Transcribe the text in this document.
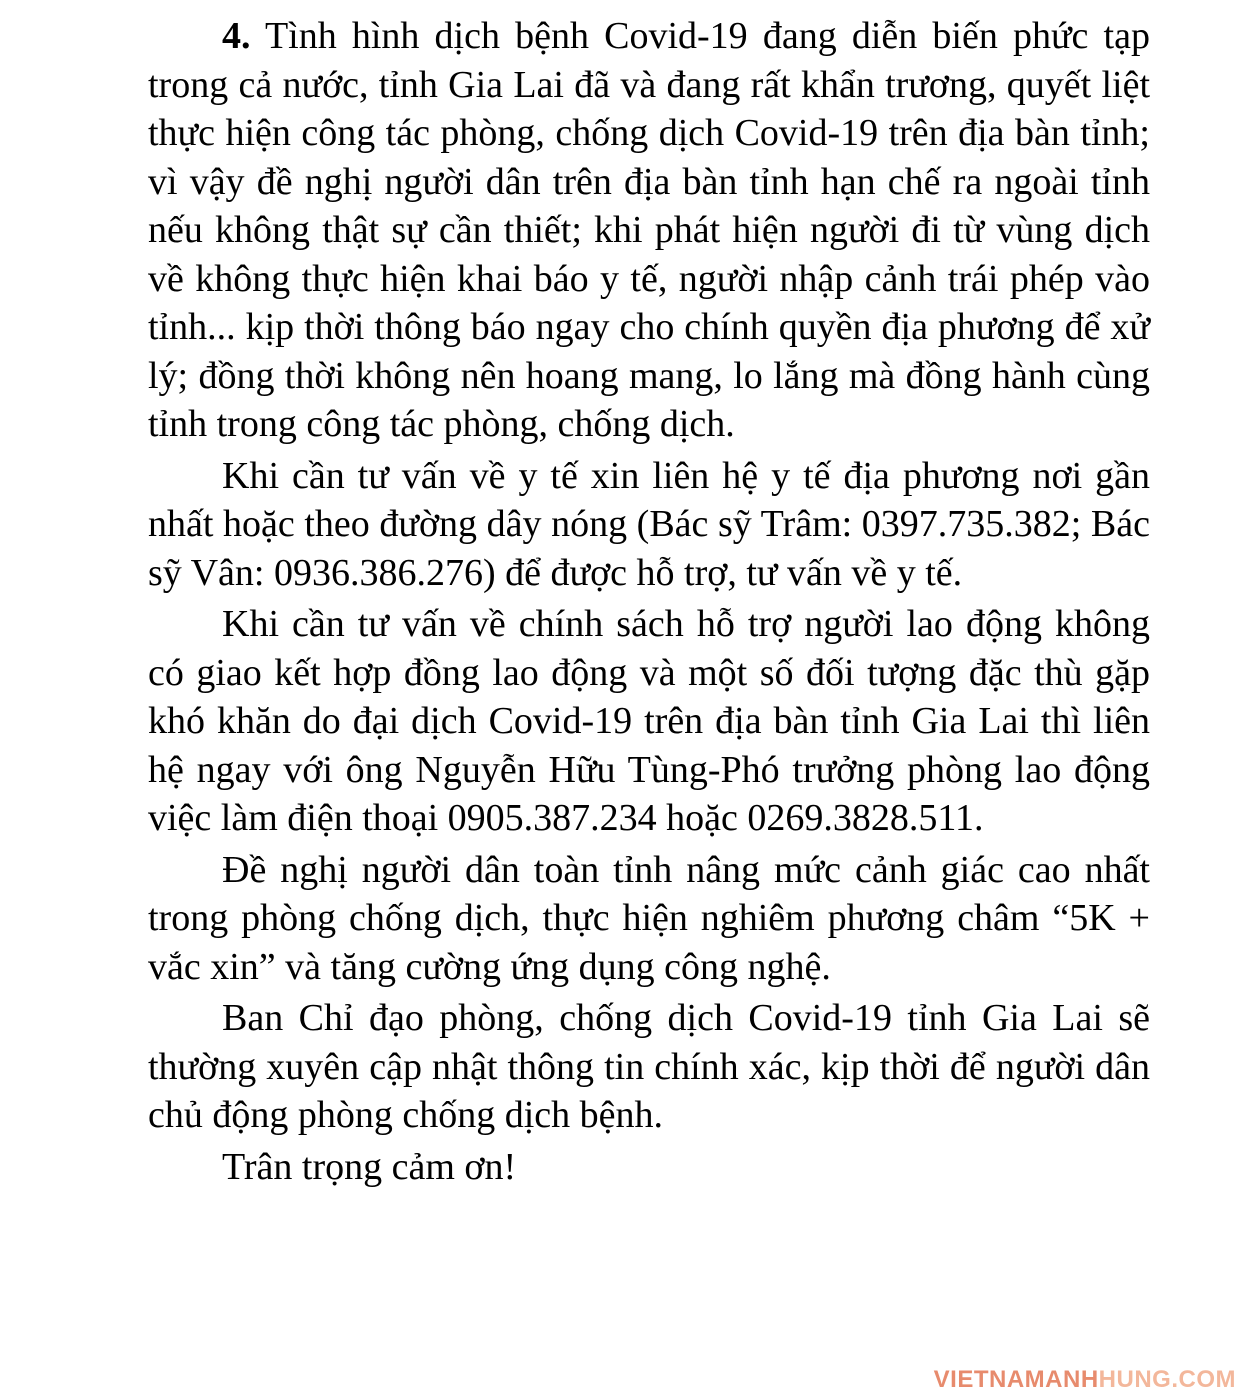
4. Tình hình dịch bệnh Covid-19 đang diễn biến phức tạp trong cả nước, tỉnh Gia Lai đã và đang rất khẩn trương, quyết liệt thực hiện công tác phòng, chống dịch Covid-19 trên địa bàn tỉnh; vì vậy đề nghị người dân trên địa bàn tỉnh hạn chế ra ngoài tỉnh nếu không thật sự cần thiết; khi phát hiện người đi từ vùng dịch về không thực hiện khai báo y tế, người nhập cảnh trái phép vào tỉnh... kịp thời thông báo ngay cho chính quyền địa phương để xử lý; đồng thời không nên hoang mang, lo lắng mà đồng hành cùng tỉnh trong công tác phòng, chống dịch.

Khi cần tư vấn về y tế xin liên hệ y tế địa phương nơi gần nhất hoặc theo đường dây nóng (Bác sỹ Trâm: 0397.735.382; Bác sỹ Vân: 0936.386.276) để được hỗ trợ, tư vấn về y tế.

Khi cần tư vấn về chính sách hỗ trợ người lao động không có giao kết hợp đồng lao động và một số đối tượng đặc thù gặp khó khăn do đại dịch Covid-19 trên địa bàn tỉnh Gia Lai thì liên hệ ngay với ông Nguyễn Hữu Tùng-Phó trưởng phòng lao động việc làm điện thoại 0905.387.234 hoặc 0269.3828.511.

Đề nghị người dân toàn tỉnh nâng mức cảnh giác cao nhất trong phòng chống dịch, thực hiện nghiêm phương châm “5K + vắc xin” và tăng cường ứng dụng công nghệ.

Ban Chỉ đạo phòng, chống dịch Covid-19 tỉnh Gia Lai sẽ thường xuyên cập nhật thông tin chính xác, kịp thời để người dân chủ động phòng chống dịch bệnh.

Trân trọng cảm ơn!

VIETNAMANHHUNG.COM
